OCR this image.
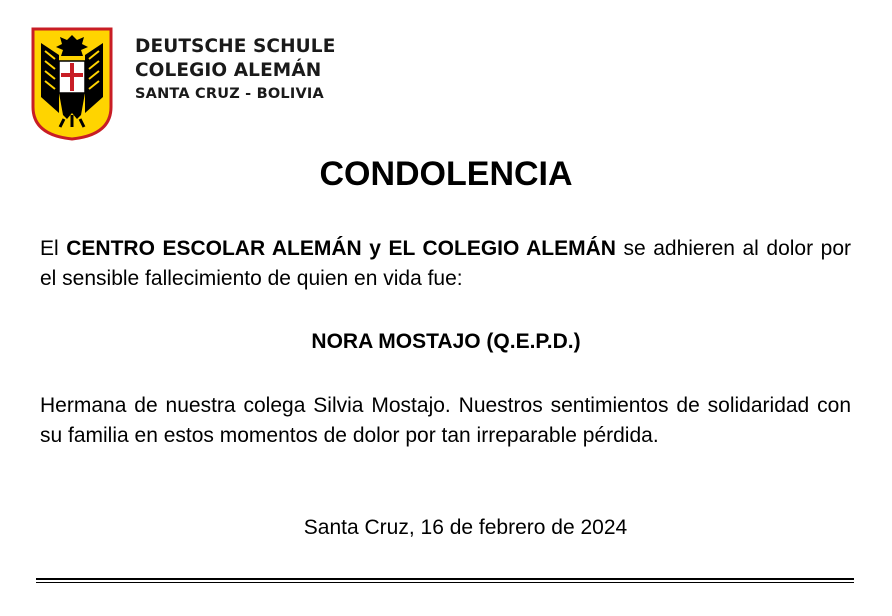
DEUTSCHE SCHULE
COLEGIO ALEMÁN
SANTA CRUZ - BOLIVIA
CONDOLENCIA
El CENTRO ESCOLAR ALEMÁN y EL COLEGIO ALEMÁN se adhieren al dolor por el sensible fallecimiento de quien en vida fue:
NORA MOSTAJO (Q.E.P.D.)
Hermana de nuestra colega Silvia Mostajo. Nuestros sentimientos de solidaridad con su familia en estos momentos de dolor por tan irreparable pérdida.
Santa Cruz, 16 de febrero de 2024
